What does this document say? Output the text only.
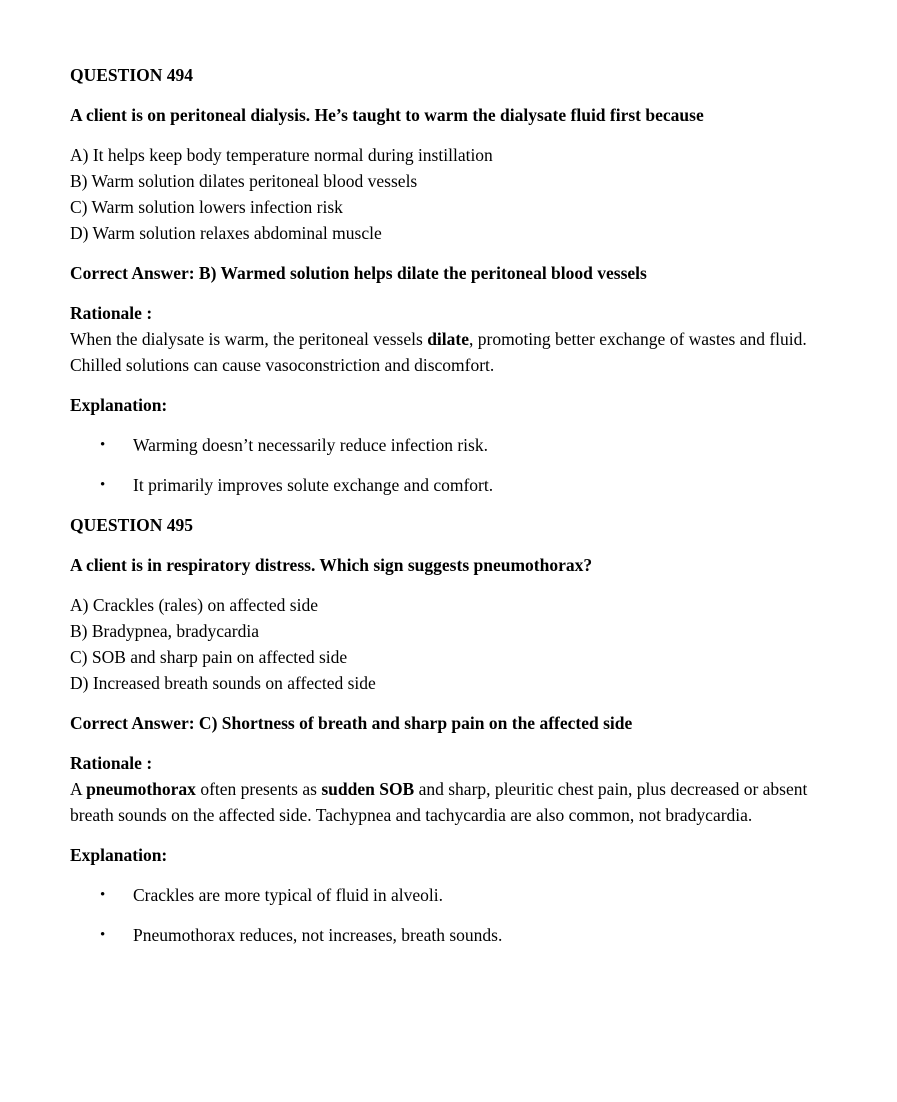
QUESTION 494

A client is on peritoneal dialysis. He’s taught to warm the dialysate fluid first because

A) It helps keep body temperature normal during instillation

B) Warm solution dilates peritoneal blood vessels

C) Warm solution lowers infection risk

D) Warm solution relaxes abdominal muscle

Correct Answer: B) Warmed solution helps dilate the peritoneal blood vessels

Rationale :

When the dialysate is warm, the peritoneal vessels dilate, promoting better exchange of wastes and fluid. Chilled solutions can cause vasoconstriction and discomfort.

Explanation:

•	Warming doesn’t necessarily reduce infection risk.
•	It primarily improves solute exchange and comfort.

QUESTION 495

A client is in respiratory distress. Which sign suggests pneumothorax?

A) Crackles (rales) on affected side

B) Bradypnea, bradycardia

C) SOB and sharp pain on affected side

D) Increased breath sounds on affected side

Correct Answer: C) Shortness of breath and sharp pain on the affected side

Rationale :

A pneumothorax often presents as sudden SOB and sharp, pleuritic chest pain, plus decreased or absent breath sounds on the affected side. Tachypnea and tachycardia are also common, not bradycardia.

Explanation:

•	Crackles are more typical of fluid in alveoli.
•	Pneumothorax reduces, not increases, breath sounds.
